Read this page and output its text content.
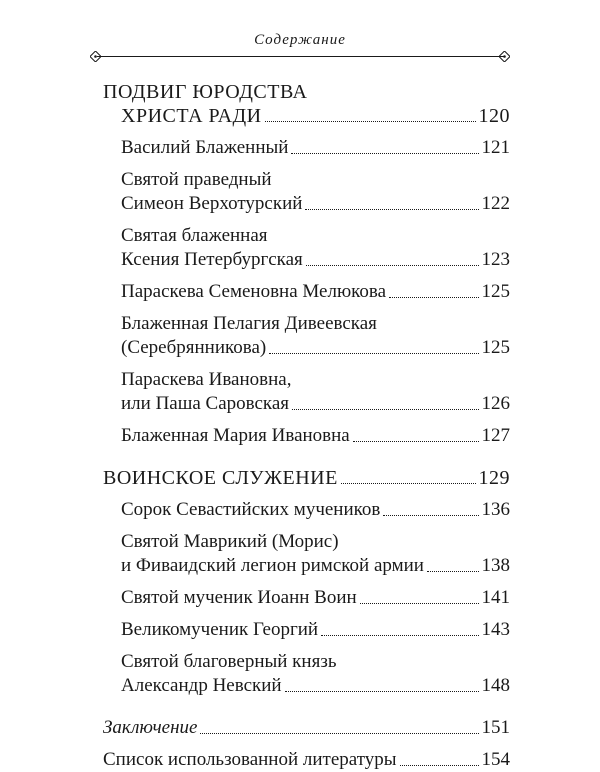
Содержание
ПОДВИГ ЮРОДСТВА
ХРИСТА РАДИ	120
Василий Блаженный	121
Святой праведный
Симеон Верхотурский	122
Святая блаженная
Ксения Петербургская	123
Параскева Семеновна Мелюкова	125
Блаженная Пелагия Дивеевская
(Серебрянникова)	125
Параскева Ивановна,
или Паша Саровская	126
Блаженная Мария Ивановна	127
ВОИНСКОЕ СЛУЖЕНИЕ	129
Сорок Севастийских мучеников	136
Святой Маврикий (Морис)
и Фиваидский легион римской армии	138
Святой мученик Иоанн Воин	141
Великомученик Георгий	143
Святой благоверный князь
Александр Невский	148
Заключение	151
Список использованной литературы	154
